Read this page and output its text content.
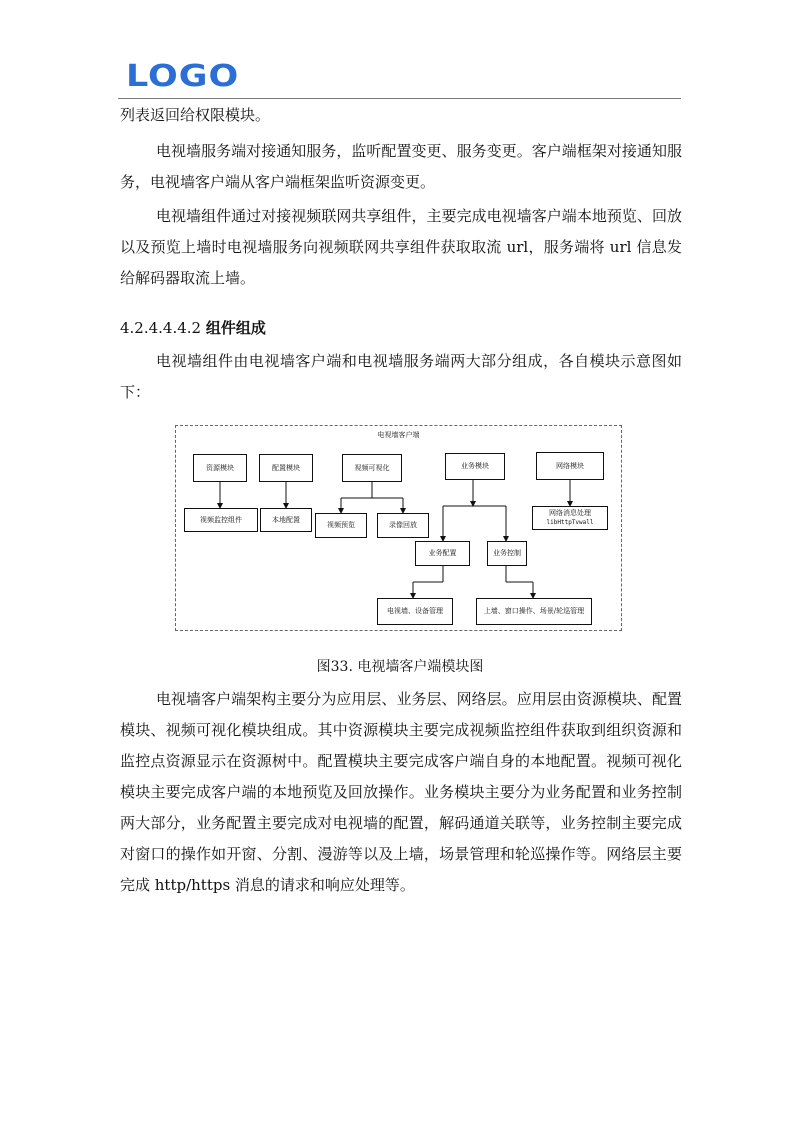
LOGO

列表返回给权限模块。

电视墙服务端对接通知服务，监听配置变更、服务变更。客户端框架对接通知服务，电视墙客户端从客户端框架监听资源变更。

电视墙组件通过对接视频联网共享组件，主要完成电视墙客户端本地预览、回放以及预览上墙时电视墙服务向视频联网共享组件获取取流 url，服务端将 url 信息发给解码器取流上墙。

4.2.4.4.4.2 组件组成

电视墙组件由电视墙客户端和电视墙服务端两大部分组成，各自模块示意图如下：

电视墙客户端
资源模块	配置模块	视频可视化	业务模块	网络模块
视频监控组件	本地配置
视频预览	录像回放
网络消息处理
libHttpTvwall
业务配置	业务控制
电视墙、设备管理	上墙、窗口操作、场景/轮巡管理
图33. 电视墙客户端模块图

电视墙客户端架构主要分为应用层、业务层、网络层。应用层由资源模块、配置模块、视频可视化模块组成。其中资源模块主要完成视频监控组件获取到组织资源和监控点资源显示在资源树中。配置模块主要完成客户端自身的本地配置。视频可视化模块主要完成客户端的本地预览及回放操作。业务模块主要分为业务配置和业务控制两大部分，业务配置主要完成对电视墙的配置，解码通道关联等，业务控制主要完成对窗口的操作如开窗、分割、漫游等以及上墙，场景管理和轮巡操作等。网络层主要完成 http/https 消息的请求和响应处理等。
